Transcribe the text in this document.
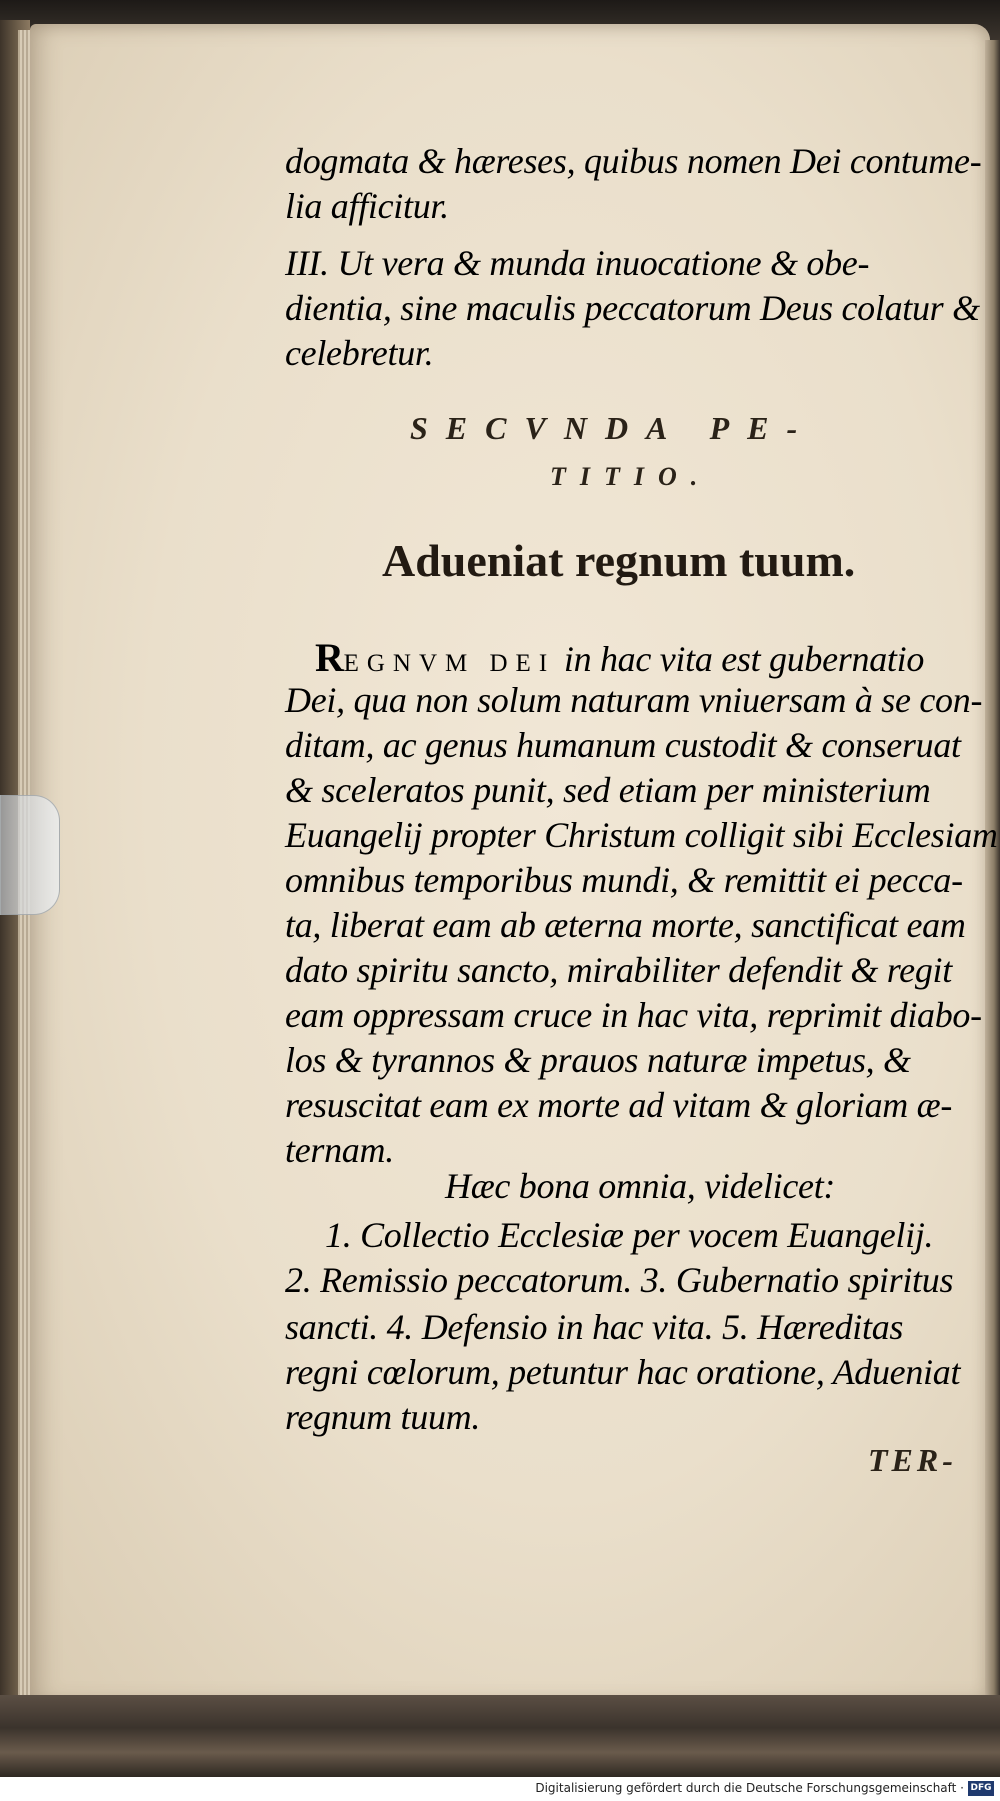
dogmata & hæreses, quibus nomen Dei contume-
lia afficitur.
III. Ut vera & munda inuocatione & obe-
dientia, sine maculis peccatorum Deus colatur &
celebretur.
SECVNDA PE-
TITIO.
Adueniat regnum tuum.
REGNVM DEI in hac vita est gubernatio
Dei, qua non solum naturam vniuersam à se con-
ditam, ac genus humanum custodit & conseruat
& sceleratos punit, sed etiam per ministerium
Euangelij propter Christum colligit sibi Ecclesiam
omnibus temporibus mundi, & remittit ei pecca-
ta, liberat eam ab æterna morte, sanctificat eam
dato spiritu sancto, mirabiliter defendit & regit
eam oppressam cruce in hac vita, reprimit diabo-
los & tyrannos & prauos naturæ impetus, &
resuscitat eam ex morte ad vitam & gloriam æ-
ternam.
Hæc bona omnia, videlicet:
1. Collectio Ecclesiæ per vocem Euangelij.
2. Remissio peccatorum. 3. Gubernatio spiritus
sancti. 4. Defensio in hac vita. 5. Hæreditas
regni cœlorum, petuntur hac oratione, Adueniat
regnum tuum.
TER-
Digitalisierung gefördert durch die Deutsche Forschungsgemeinschaft · DFG
